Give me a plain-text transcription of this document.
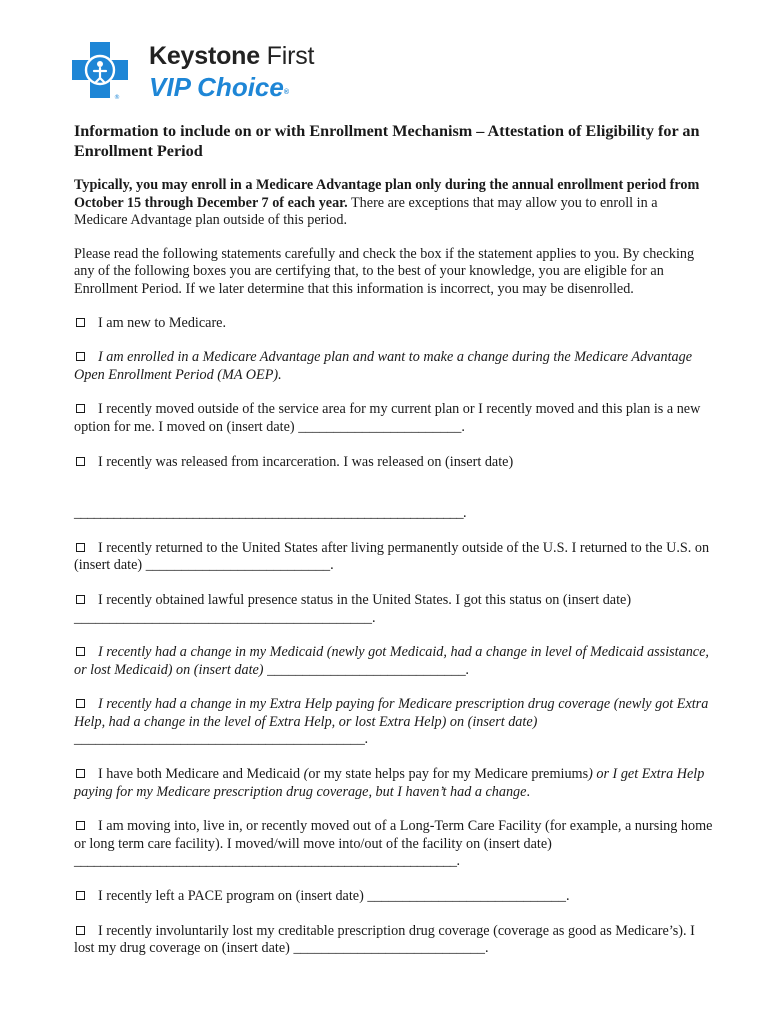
®
Keystone First
VIP Choice®
Information to include on or with Enrollment Mechanism – Attestation of Eligibility for an Enrollment Period

Typically, you may enroll in a Medicare Advantage plan only during the annual enrollment period from October 15 through December 7 of each year. There are exceptions that may allow you to enroll in a Medicare Advantage plan outside of this period.

Please read the following statements carefully and check the box if the statement applies to you. By checking any of the following boxes you are certifying that, to the best of your knowledge, you are eligible for an Enrollment Period. If we later determine that this information is incorrect, you may be disenrolled.

I am new to Medicare.

I am enrolled in a Medicare Advantage plan and want to make a change during the Medicare Advantage Open Enrollment Period (MA OEP).

I recently moved outside of the service area for my current plan or I recently moved and this plan is a new option for me. I moved on (insert date) _______________________.

I recently was released from incarceration. I was released on (insert date)
___________________________________________________________.

I recently returned to the United States after living permanently outside of the U.S. I returned to the U.S. on (insert date) __________________________.

I recently obtained lawful presence status in the United States. I got this status on (insert date) __________________________________________.

I recently had a change in my Medicaid (newly got Medicaid, had a change in level of Medicaid assistance, or lost Medicaid) on (insert date) ____________________________.

I recently had a change in my Extra Help paying for Medicare prescription drug coverage (newly got Extra Help, had a change in the level of Extra Help, or lost Extra Help) on (insert date) _________________________________________.

I have both Medicare and Medicaid (or my state helps pay for my Medicare premiums) or I get Extra Help paying for my Medicare prescription drug coverage, but I haven’t had a change.

I am moving into, live in, or recently moved out of a Long-Term Care Facility (for example, a nursing home or long term care facility). I moved/will move into/out of the facility on (insert date) __________________________________________________________.

I recently left a PACE program on (insert date) ____________________________.

I recently involuntarily lost my creditable prescription drug coverage (coverage as good as Medicare’s). I lost my drug coverage on (insert date) ___________________________.
